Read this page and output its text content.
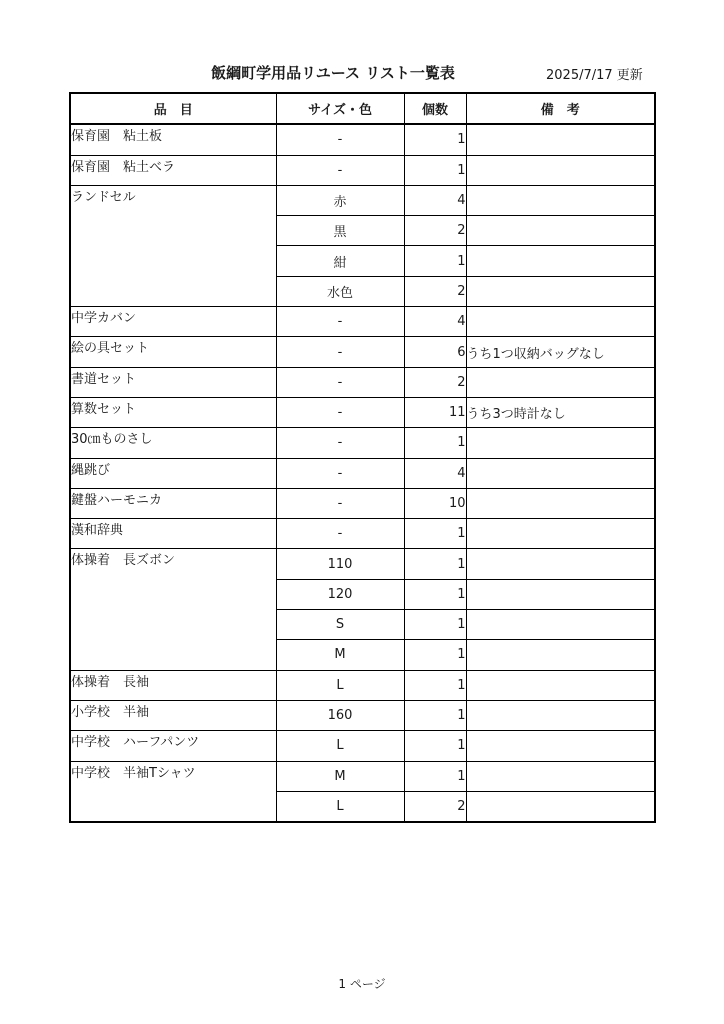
飯綱町学用品リユース リスト一覧表	2025/7/17 更新
品　目	サイズ・色	個数	備　考
保育園　粘土板	-	1	
保育園　粘土ベラ	-	1	
ランドセル	赤	4	
	黒	2	
	紺	1	
	水色	2	
中学カバン	-	4	
絵の具セット	-	6	うち1つ収納バッグなし
書道セット	-	2	
算数セット	-	11	うち3つ時計なし
30㎝ものさし	-	1	
縄跳び	-	4	
鍵盤ハーモニカ	-	10	
漢和辞典	-	1	
体操着　長ズボン	110	1	
	120	1	
	S	1	
	M	1	
体操着　長袖	L	1	
小学校　半袖	160	1	
中学校　ハーフパンツ	L	1	
中学校　半袖Tシャツ	M	1	
	L	2	
1 ページ
